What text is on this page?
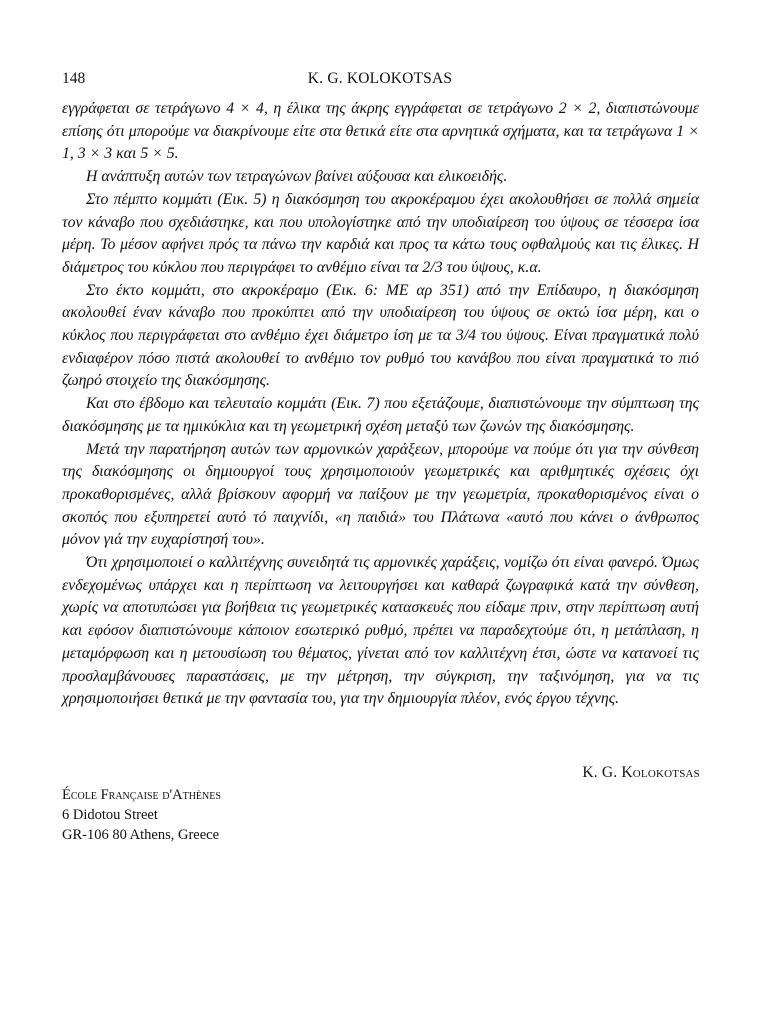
148	K. G. KOLOKOTSAS

εγγράφεται σε τετράγωνο 4 × 4, η έλικα της άκρης εγγράφεται σε τετράγωνο 2 × 2, διαπιστώνουμε επίσης ότι μπορούμε να διακρίνουμε είτε στα θετικά είτε στα αρνητικά σχήματα, και τα τετράγωνα 1 × 1, 3 × 3 και 5 × 5.

Η ανάπτυξη αυτών των τετραγώνων βαίνει αύξουσα και ελικοειδής.

Στο πέμπτο κομμάτι (Εικ. 5) η διακόσμηση του ακροκέραμου έχει ακολουθήσει σε πολλά σημεία τον κάναβο που σχεδιάστηκε, και που υπολογίστηκε από την υποδιαίρεση του ύψους σε τέσσερα ίσα μέρη. Το μέσον αφήνει πρός τα πάνω την καρδιά και προς τα κάτω τους οφθαλμούς και τις έλικες. Η διάμετρος του κύκλου που περιγράφει το ανθέμιο είναι τα 2/3 του ύψους, κ.α.

Στο έκτο κομμάτι, στο ακροκέραμο (Εικ. 6: ΜΕ αρ 351) από την Επίδαυρο, η διακόσμηση ακολουθεί έναν κάναβο που προκύπτει από την υποδιαίρεση του ύψους σε οκτώ ίσα μέρη, και ο κύκλος που περιγράφεται στο ανθέμιο έχει διάμετρο ίση με τα 3/4 του ύψους. Είναι πραγματικά πολύ ενδιαφέρον πόσο πιστά ακολουθεί το ανθέμιο τον ρυθμό του κανάβου που είναι πραγματικά το πιό ζωηρό στοιχείο της διακόσμησης.

Και στο έβδομο και τελευταίο κομμάτι (Εικ. 7) που εξετάζουμε, διαπιστώνουμε την σύμπτωση της διακόσμησης με τα ημικύκλια και τη γεωμετρική σχέση μεταξύ των ζωνών της διακόσμησης.

Μετά την παρατήρηση αυτών των αρμονικών χαράξεων, μπορούμε να πούμε ότι για την σύνθεση της διακόσμησης οι δημιουργοί τους χρησιμοποιούν γεωμετρικές και αριθμητικές σχέσεις όχι προκαθορισμένες, αλλά βρίσκουν αφορμή να παίξουν με την γεωμετρία, προκαθορισμένος είναι ο σκοπός που εξυπηρετεί αυτό τό παιχνίδι, «η παιδιά» του Πλάτωνα «αυτό που κάνει ο άνθρωπος μόνον γιά την ευχαρίστησή του».

Ότι χρησιμοποιεί ο καλλιτέχνης συνειδητά τις αρμονικές χαράξεις, νομίζω ότι είναι φανερό. Όμως ενδεχομένως υπάρχει και η περίπτωση να λειτουργήσει και καθαρά ζωγραφικά κατά την σύνθεση, χωρίς να αποτυπώσει για βοήθεια τις γεωμετρικές κατασκευές που είδαμε πριν, στην περίπτωση αυτή και εφόσον διαπιστώνουμε κάποιον εσωτερικό ρυθμό, πρέπει να παραδεχτούμε ότι, η μετάπλαση, η μεταμόρφωση και η μετουσίωση του θέματος, γίνεται από τον καλλιτέχνη έτσι, ώστε να κατανοεί τις προσλαμβάνουσες παραστάσεις, με την μέτρηση, την σύγκριση, την ταξινόμηση, για να τις χρησιμοποιήσει θετικά με την φαντασία του, για την δημιουργία πλέον, ενός έργου τέχνης.

K. G. Kolokotsas
École Française d'Athènes
6 Didotou Street
GR-106 80 Athens, Greece
